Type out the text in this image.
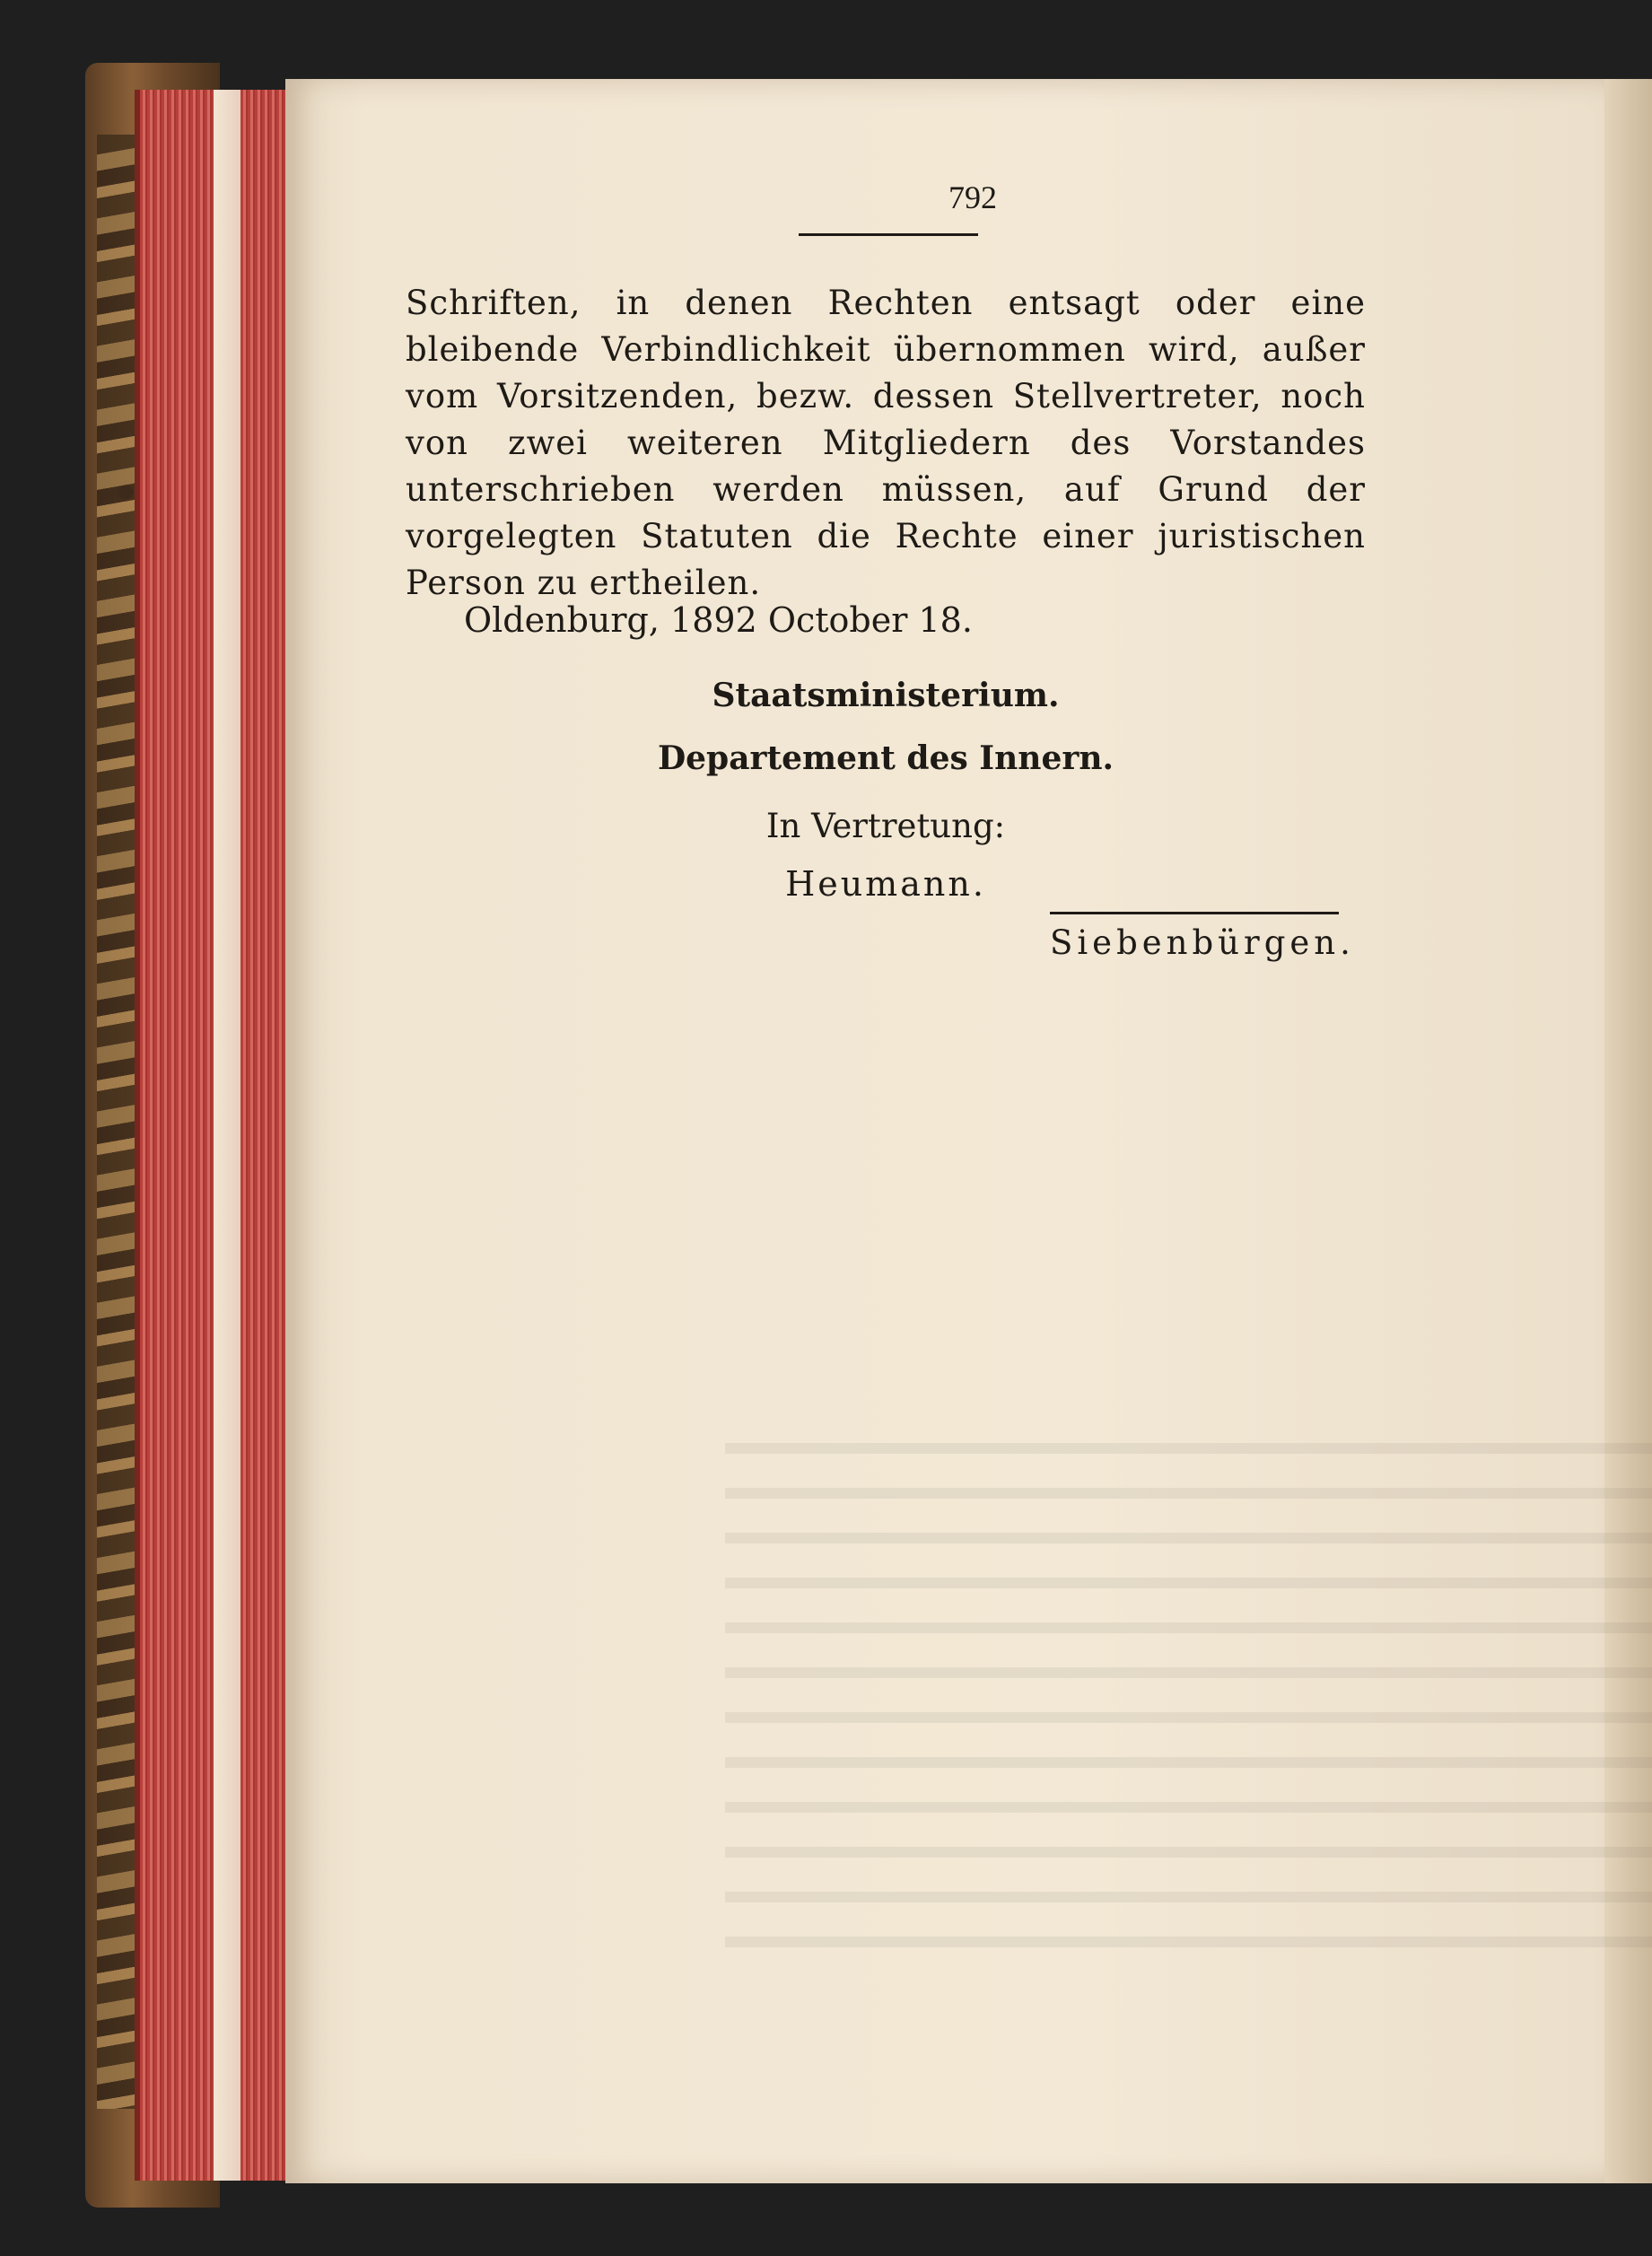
792
Schriften, in denen Rechten entsagt oder eine bleibende Verbindlichkeit übernommen wird, außer vom Vorsitzenden, bezw. dessen Stellvertreter, noch von zwei weiteren Mitgliedern des Vorstandes unterschrieben werden müssen, auf Grund der vorgelegten Statuten die Rechte einer juristischen Person zu ertheilen.
Oldenburg, 1892 October 18.
Staatsministerium.
Departement des Innern.
In Vertretung:
Heumann.
Siebenbürgen.
